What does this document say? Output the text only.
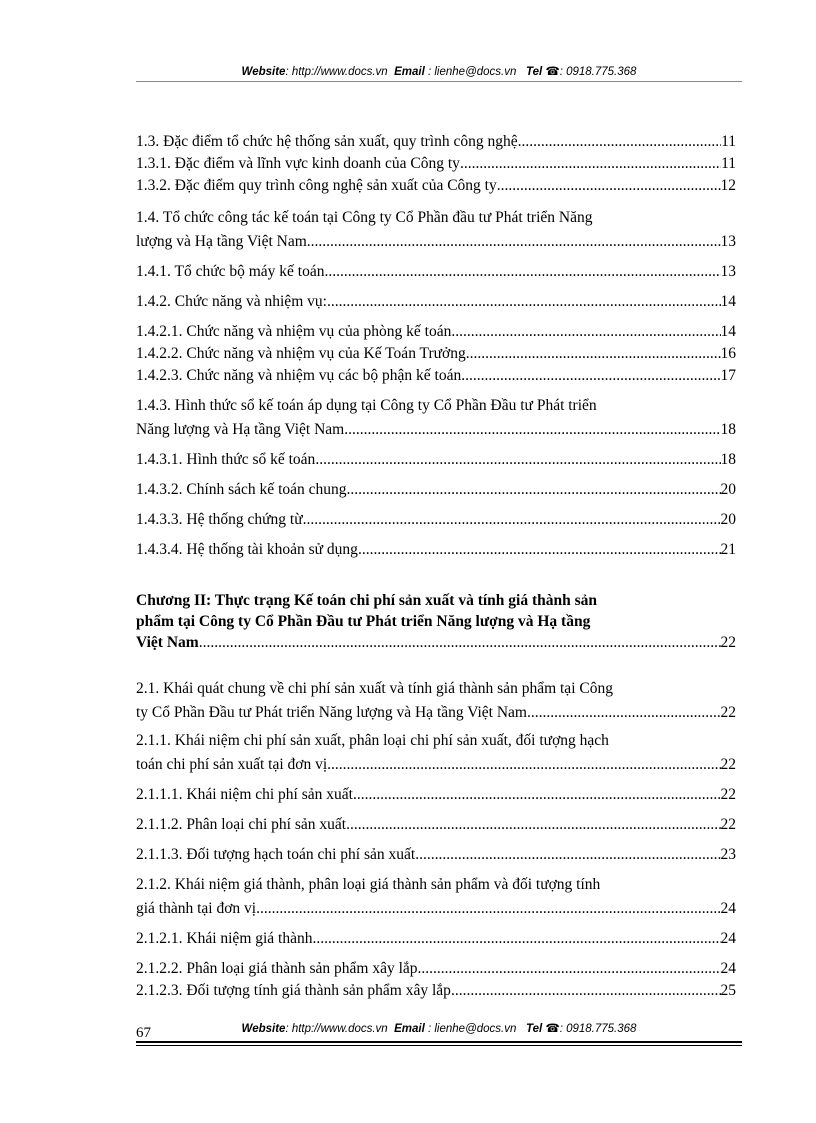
Website: http://www.docs.vn Email : lienhe@docs.vn Tel ☎: 0918.775.368
1.3. Đặc điểm tổ chức hệ thống sản xuất, quy trình công nghệ. .....	11
1.3.1. Đặc điểm và lĩnh vực kinh doanh của Công ty .....	11
1.3.2. Đặc điểm quy trình công nghệ sản xuất của Công ty .....	12
1.4. Tổ chức công tác kế toán tại Công ty Cổ Phần đầu tư Phát triển Năng
lượng và Hạ tầng Việt Nam .....	13
1.4.1. Tổ chức bộ máy kế toán. .....	13
1.4.2. Chức năng và nhiệm vụ: .....	14
1.4.2.1. Chức năng và nhiệm vụ của phòng kế toán .....	14
1.4.2.2. Chức năng và nhiệm vụ của Kế Toán Trưởng .....	16
1.4.2.3. Chức năng và nhiệm vụ các bộ phận kế toán .....	17
1.4.3. Hình thức sổ kế toán áp dụng tại Công ty Cổ Phần Đầu tư Phát triển
Năng lượng và Hạ tầng Việt Nam .....	18
1.4.3.1. Hình thức sổ kế toán .....	18
1.4.3.2. Chính sách kế toán chung .....	20
1.4.3.3. Hệ thống chứng từ .....	20
1.4.3.4. Hệ thống tài khoản sử dụng .....	21
Chương II: Thực trạng Kế toán chi phí sản xuất và tính giá thành sản
phẩm tại Công ty Cổ Phần Đầu tư Phát triển Năng lượng và Hạ tầng
Việt Nam .....	22
2.1. Khái quát chung về chi phí sản xuất và tính giá thành sản phẩm tại Công
ty Cổ Phần Đầu tư Phát triển Năng lượng và Hạ tầng Việt Nam .....	22
2.1.1. Khái niệm chi phí sản xuất, phân loại chi phí sản xuất, đối tượng hạch
toán chi phí sản xuất tại đơn vị .....	22
2.1.1.1. Khái niệm chi phí sản xuất .....	22
2.1.1.2. Phân loại chi phí sản xuất .....	22
2.1.1.3. Đối tượng hạch toán chi phí sản xuất. .....	23
2.1.2. Khái niệm giá thành, phân loại giá thành sản phẩm và đối tượng tính
giá thành tại đơn vị. .....	24
2.1.2.1. Khái niệm giá thành .....	24
2.1.2.2. Phân loại giá thành sản phẩm xây lắp .....	24
2.1.2.3. Đối tượng tính giá thành sản phẩm xây lắp .....	25
67	Website: http://www.docs.vn Email : lienhe@docs.vn Tel ☎: 0918.775.368
